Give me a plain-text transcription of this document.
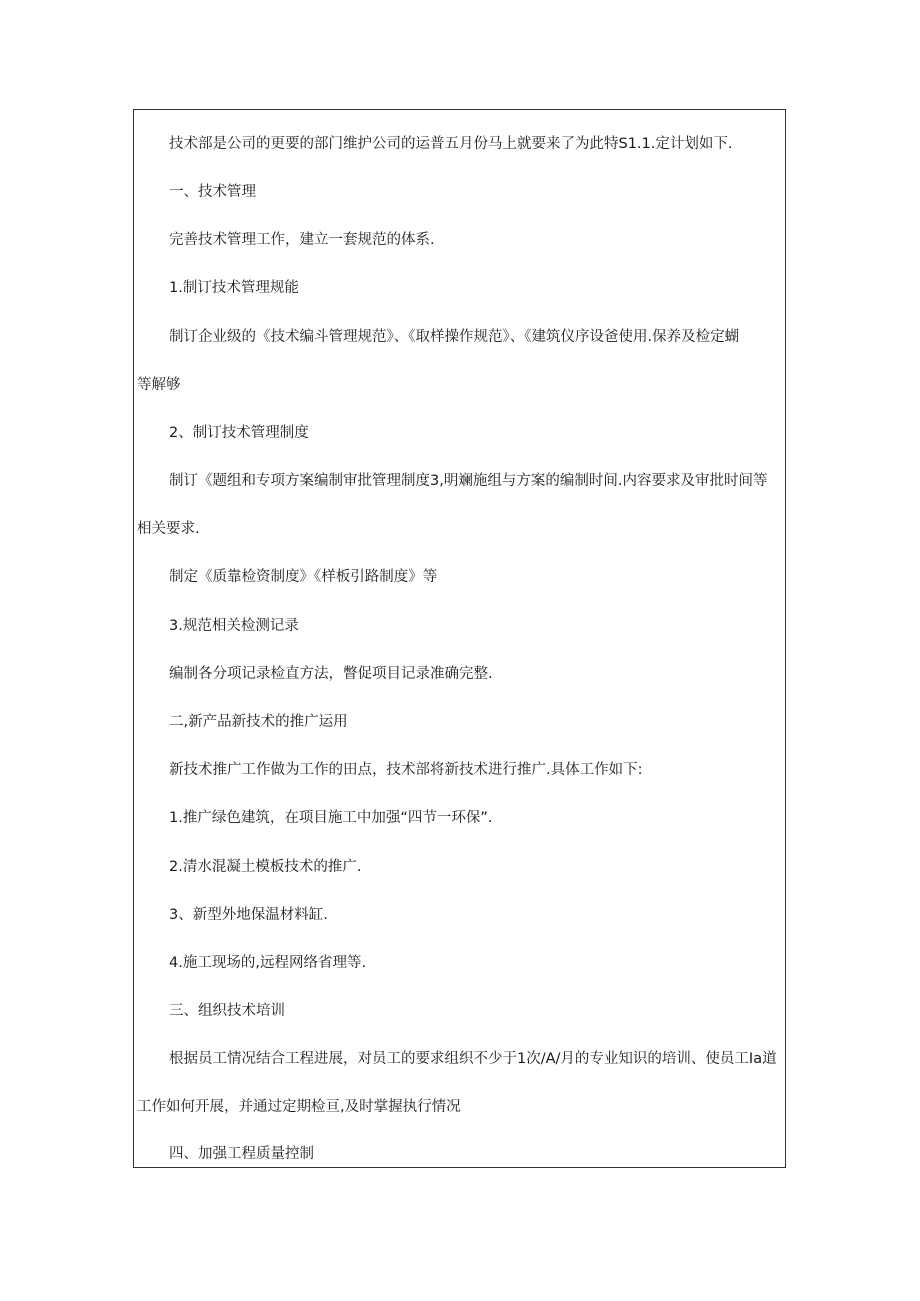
技术部是公司的更要的部门维护公司的运普五月份马上就要来了为此特S1.1.定计划如下.
一、技术管理
完善技术管理工作，建立一套规范的体系.
1.制订技术管理规能
制订企业级的《技术编斗管理规范》、《取样操作规范》、《建筑仪序设爸使用.保养及检定蝴
等解够
2、制订技术管理制度
制订《题组和专项方案编制审批管理制度3,明斓施组与方案的编制时间.内容要求及审批时间等
相关要求.
制定《质靠检资制度》《样板引路制度》等
3.规范相关检测记录
编制各分项记录检直方法，瞥促项目记录准确完整.
二,新产品新技术的推广运用
新技术推广工作做为工作的田点，技术部将新技术进行推广.具体工作如下:
1.推广绿色建筑，在项目施工中加强“四节一环保”.
2.清水混凝土模板技术的推广.
3、新型外地保温材料缸.
4.施工现场的,远程网络省理等.
三、组织技术培训
根据员工情况结合工程进展，对员工的要求组织不少于1次/A/月的专业知识的培训、使员工Ia道
工作如何开展，并通过定期检亘,及时掌握执行情况
四、加强工程质量控制
